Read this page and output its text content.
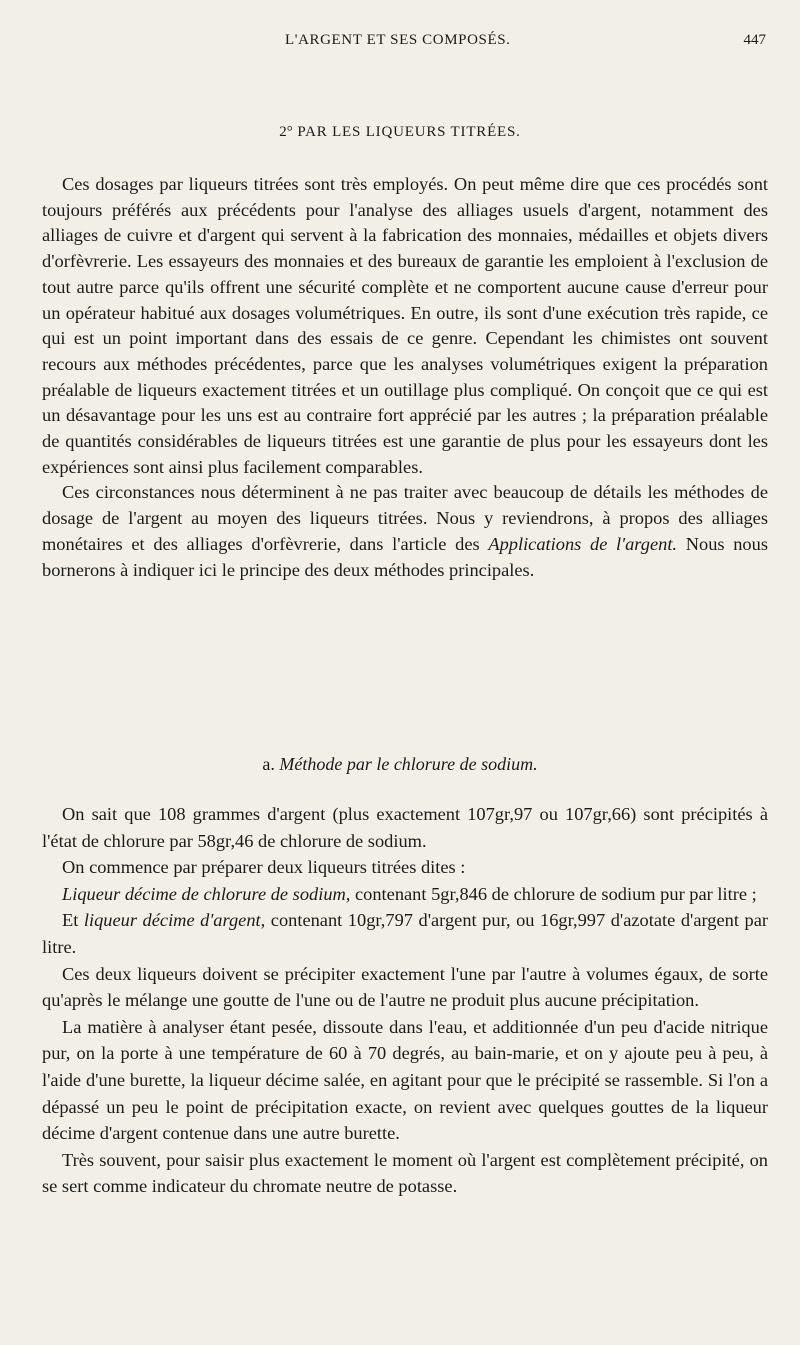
L'ARGENT ET SES COMPOSÉS.	447
2° PAR LES LIQUEURS TITRÉES.

Ces dosages par liqueurs titrées sont très employés. On peut même dire que ces procédés sont toujours préférés aux précédents pour l'analyse des alliages usuels d'argent, notamment des alliages de cuivre et d'argent qui servent à la fabrication des monnaies, médailles et objets divers d'orfèvrerie. Les essayeurs des monnaies et des bureaux de garantie les emploient à l'exclusion de tout autre parce qu'ils offrent une sécurité complète et ne comportent aucune cause d'erreur pour un opérateur habitué aux dosages volumétriques. En outre, ils sont d'une exécution très rapide, ce qui est un point important dans des essais de ce genre. Cependant les chimistes ont souvent recours aux méthodes précédentes, parce que les analyses volumétriques exigent la préparation préalable de liqueurs exactement titrées et un outillage plus compliqué. On conçoit que ce qui est un désavantage pour les uns est au contraire fort apprécié par les autres ; la préparation préalable de quantités considérables de liqueurs titrées est une garantie de plus pour les essayeurs dont les expériences sont ainsi plus facilement comparables.

Ces circonstances nous déterminent à ne pas traiter avec beaucoup de détails les méthodes de dosage de l'argent au moyen des liqueurs titrées. Nous y reviendrons, à propos des alliages monétaires et des alliages d'orfèvrerie, dans l'article des Applications de l'argent. Nous nous bornerons à indiquer ici le principe des deux méthodes principales.

a. Méthode par le chlorure de sodium.

On sait que 108 grammes d'argent (plus exactement 107gr,97 ou 107gr,66) sont précipités à l'état de chlorure par 58gr,46 de chlorure de sodium.

On commence par préparer deux liqueurs titrées dites :

Liqueur décime de chlorure de sodium, contenant 5gr,846 de chlorure de sodium pur par litre ;

Et liqueur décime d'argent, contenant 10gr,797 d'argent pur, ou 16gr,997 d'azotate d'argent par litre.

Ces deux liqueurs doivent se précipiter exactement l'une par l'autre à volumes égaux, de sorte qu'après le mélange une goutte de l'une ou de l'autre ne produit plus aucune précipitation.

La matière à analyser étant pesée, dissoute dans l'eau, et additionnée d'un peu d'acide nitrique pur, on la porte à une température de 60 à 70 degrés, au bain-marie, et on y ajoute peu à peu, à l'aide d'une burette, la liqueur décime salée, en agitant pour que le précipité se rassemble. Si l'on a dépassé un peu le point de précipitation exacte, on revient avec quelques gouttes de la liqueur décime d'argent contenue dans une autre burette.

Très souvent, pour saisir plus exactement le moment où l'argent est complètement précipité, on se sert comme indicateur du chromate neutre de potasse.
